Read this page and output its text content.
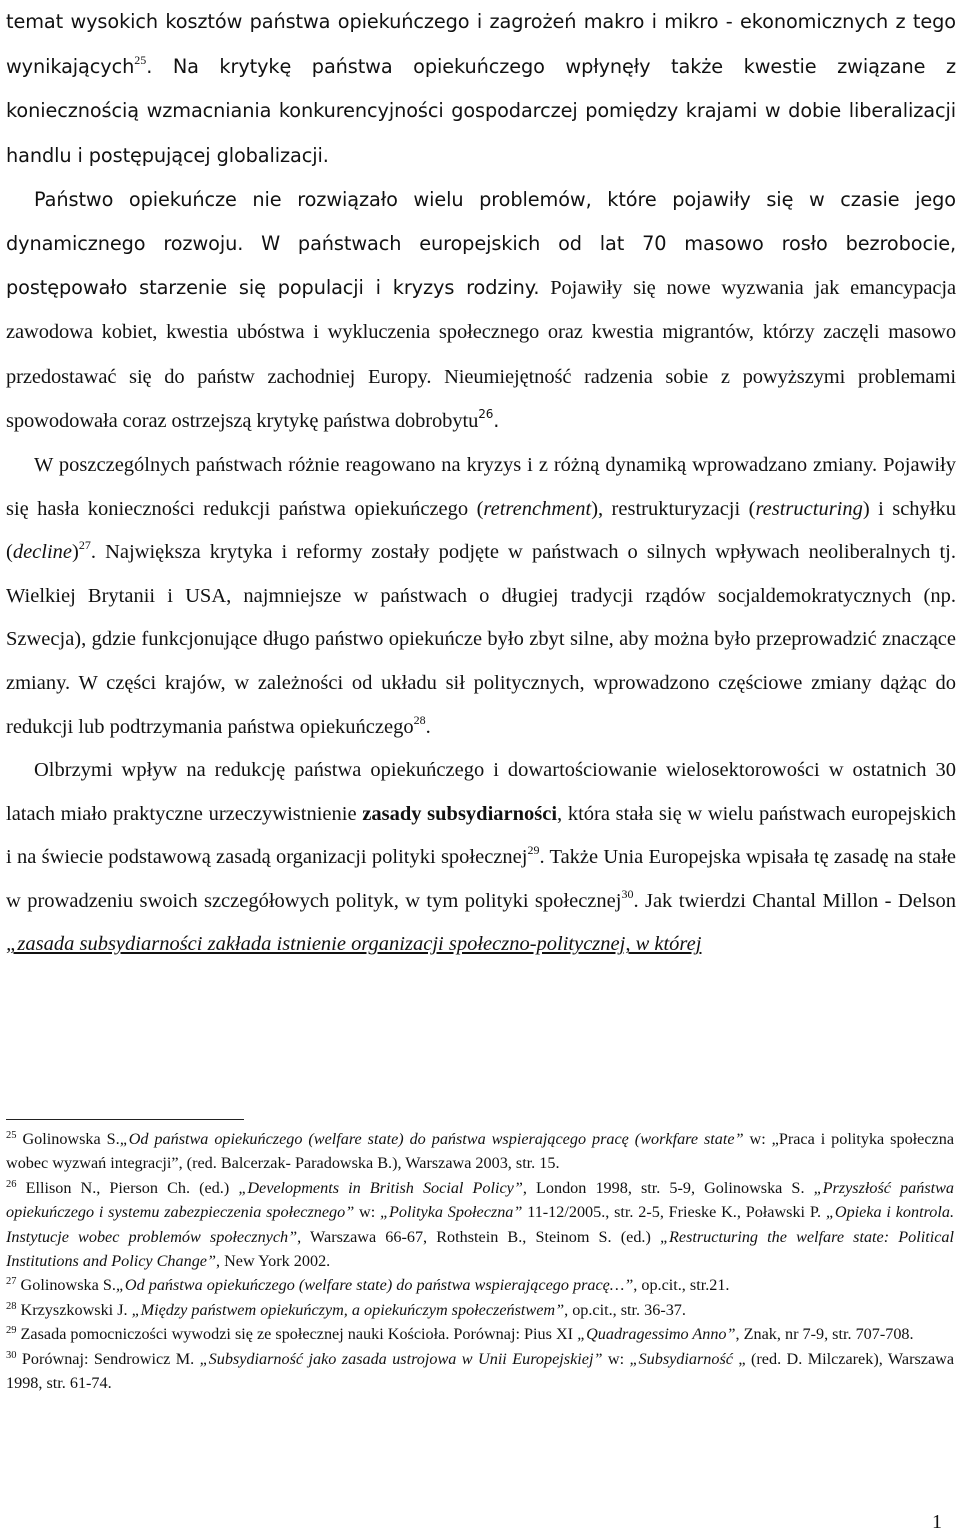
temat wysokich kosztów państwa opiekuńczego i zagrożeń makro i mikro - ekonomicznych z tego wynikających$^{25}$. Na krytykę państwa opiekuńczego wpłynęły także kwestie związane z koniecznością wzmacniania konkurencyjności gospodarczej pomiędzy krajami w dobie liberalizacji handlu i postępującej globalizacji.

Państwo opiekuńcze nie rozwiązało wielu problemów, które pojawiły się w czasie jego dynamicznego rozwoju. W państwach europejskich od lat 70 masowo rosło bezrobocie, postępowało starzenie się populacji i kryzys rodziny. Pojawiły się nowe wyzwania jak emancypacja zawodowa kobiet, kwestia ubóstwa i wykluczenia społecznego oraz kwestia migrantów, którzy zaczęli masowo przedostawać się do państw zachodniej Europy. Nieumiejętność radzenia sobie z powyższymi problemami spowodowała coraz ostrzejszą krytykę państwa dobrobytu$^{26}$.

W poszczególnych państwach różnie reagowano na kryzys i z różną dynamiką wprowadzano zmiany. Pojawiły się hasła konieczności redukcji państwa opiekuńczego (retrenchment), restrukturyzacji (restructuring) i schyłku (decline)$^{27}$. Największa krytyka i reformy zostały podjęte w państwach o silnych wpływach neoliberalnych tj. Wielkiej Brytanii i USA, najmniejsze w państwach o długiej tradycji rządów socjaldemokratycznych (np. Szwecja), gdzie funkcjonujące długo państwo opiekuńcze było zbyt silne, aby można było przeprowadzić znaczące zmiany. W części krajów, w zależności od układu sił politycznych, wprowadzono częściowe zmiany dążąc do redukcji lub podtrzymania państwa opiekuńczego$^{28}$.

Olbrzymi wpływ na redukcję państwa opiekuńczego i dowartościowanie wielosektorowości w ostatnich 30 latach miało praktyczne urzeczywistnienie zasady subsydiarności, która stała się w wielu państwach europejskich i na świecie podstawową zasadą organizacji polityki społecznej$^{29}$. Także Unia Europejska wpisała tę zasadę na stałe w prowadzeniu swoich szczegółowych polityk, w tym polityki społecznej$^{30}$. Jak twierdzi Chantal Millon - Delson „zasada subsydiarności zakłada istnienie organizacji społeczno-politycznej, w której

$^{25}$ Golinowska S.„Od państwa opiekuńczego (welfare state) do państwa wspierającego pracę (workfare state” w: „Praca i polityka społeczna wobec wyzwań integracji”, (red. Balcerzak- Paradowska B.), Warszawa 2003, str. 15.

$^{26}$ Ellison N., Pierson Ch. (ed.) „Developments in British Social Policy”, London 1998, str. 5-9, Golinowska S. „Przyszłość państwa opiekuńczego i systemu zabezpieczenia społecznego” w: „Polityka Społeczna” 11-12/2005., str. 2-5, Frieske K., Poławski P. „Opieka i kontrola. Instytucje wobec problemów społecznych”, Warszawa 66-67, Rothstein B., Steinom S. (ed.) „Restructuring the welfare state: Political Institutions and Policy Change”, New York 2002.

$^{27}$ Golinowska S.„Od państwa opiekuńczego (welfare state) do państwa wspierającego pracę…”, op.cit., str.21.

$^{28}$ Krzyszkowski J. „Między państwem opiekuńczym, a opiekuńczym społeczeństwem”, op.cit., str. 36-37.

$^{29}$ Zasada pomocniczości wywodzi się ze społecznej nauki Kościoła. Porównaj: Pius XI „Quadragessimo Anno”, Znak, nr 7-9, str. 707-708.

$^{30}$ Porównaj: Sendrowicz M. „Subsydiarność jako zasada ustrojowa w Unii Europejskiej” w: „Subsydiarność „ (red. D. Milczarek), Warszawa 1998, str. 61-74.

1
